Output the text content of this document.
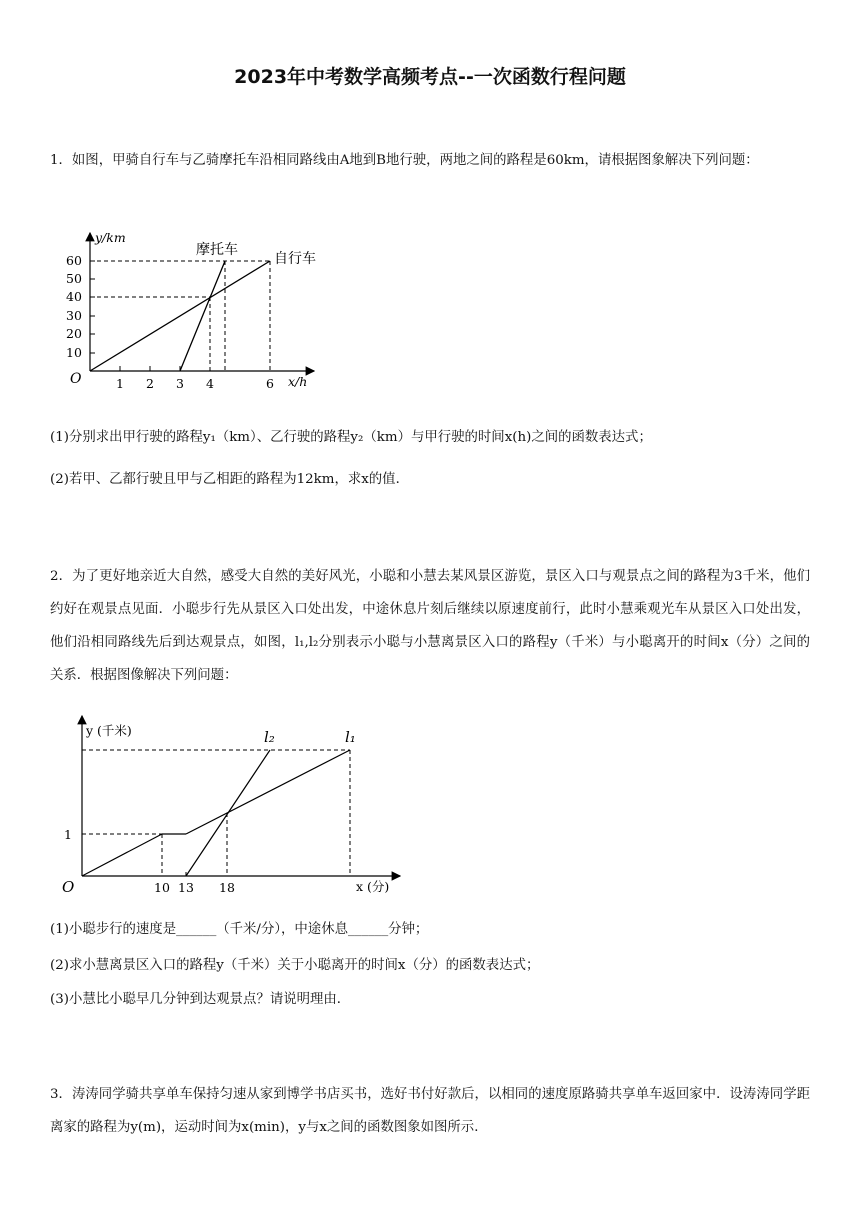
2023年中考数学高频考点--一次函数行程问题
1．如图，甲骑自行车与乙骑摩托车沿相同路线由A地到B地行驶，两地之间的路程是60km，请根据图象解决下列问题：
10
20
30
40
50
60
1 2 3 4	6
O
y/km
x/h
摩托车
自行车
(1)分别求出甲行驶的路程y₁（km）、乙行驶的路程y₂（km）与甲行驶的时间x(h)之间的函数表达式；
(2)若甲、乙都行驶且甲与乙相距的路程为12km，求x的值．
2．为了更好地亲近大自然，感受大自然的美好风光，小聪和小慧去某风景区游览，景区入口与观景点之间的路程为3千米，他们约好在观景点见面．小聪步行先从景区入口处出发，中途休息片刻后继续以原速度前行，此时小慧乘观光车从景区入口处出发，他们沿相同路线先后到达观景点，如图，l₁,l₂分别表示小聪与小慧离景区入口的路程y（千米）与小聪离开的时间x（分）之间的关系．根据图像解决下列问题：
y (千米)
1
10 13 18
O	x (分)
l₂	l₁
(1)小聪步行的速度是______（千米/分），中途休息______分钟；
(2)求小慧离景区入口的路程y（千米）关于小聪离开的时间x（分）的函数表达式；
(3)小慧比小聪早几分钟到达观景点？请说明理由．
3．涛涛同学骑共享单车保持匀速从家到博学书店买书，选好书付好款后，以相同的速度原路骑共享单车返回家中．设涛涛同学距离家的路程为y(m)，运动时间为x(min)，y与x之间的函数图象如图所示．
